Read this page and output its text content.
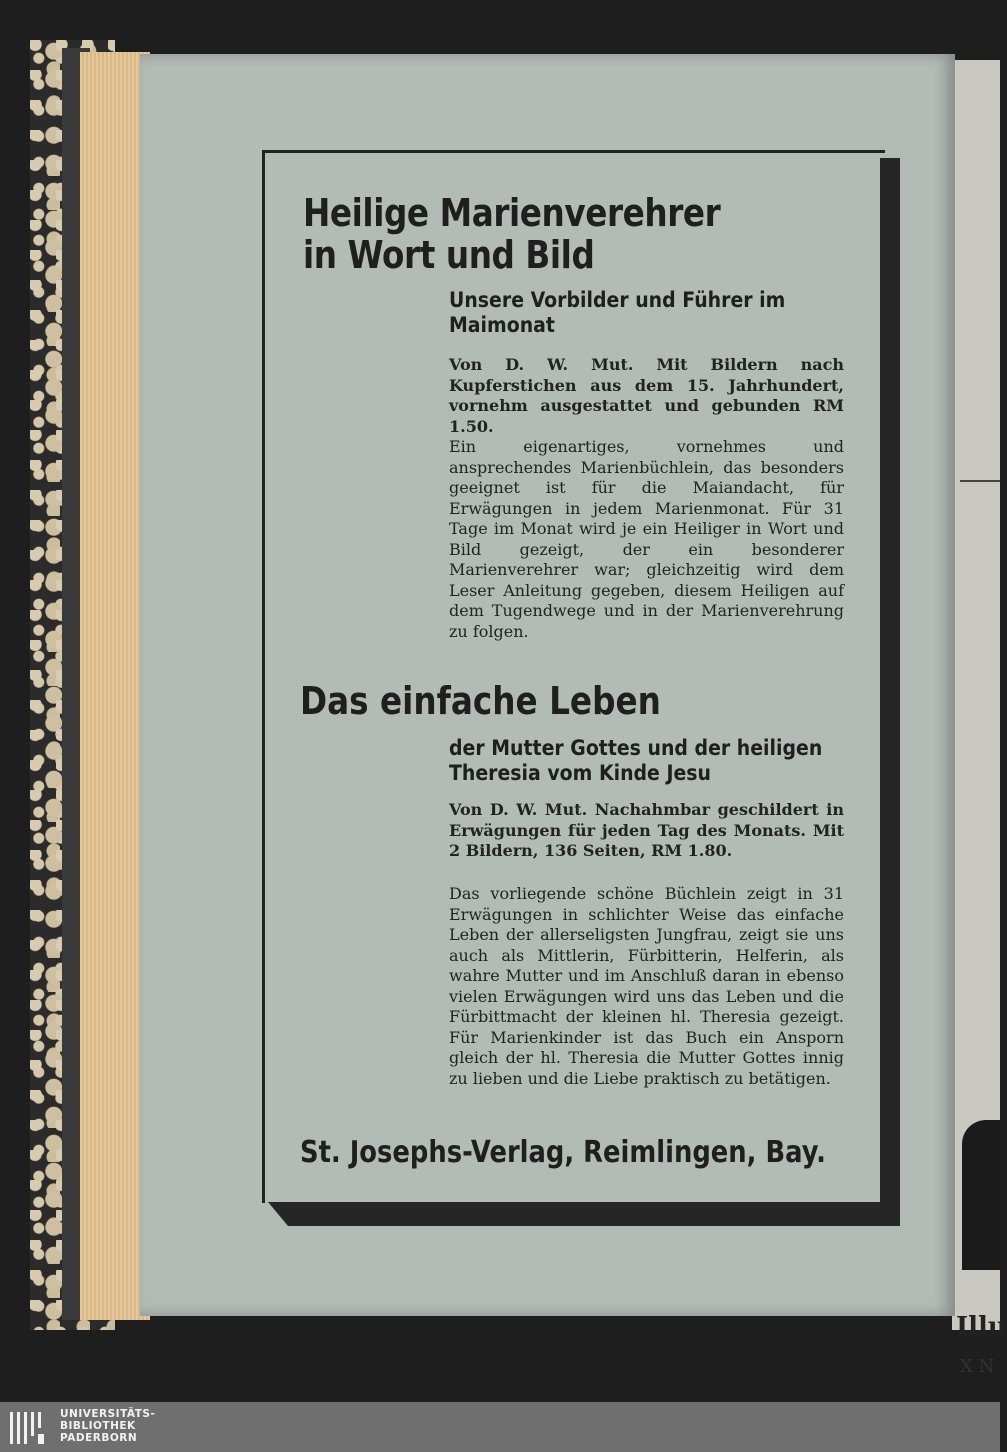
Illu
X N
Heilige Marienverehrer
in Wort und Bild
Unsere Vorbilder und Führer im Maimonat
Von D. W. Mut. Mit Bildern nach Kupferstichen aus dem 15. Jahrhundert, vornehm ausgestattet und gebunden RM 1.50.
Ein eigenartiges, vornehmes und ansprechendes Marienbüchlein, das besonders geeignet ist für die Maiandacht, für Erwägungen in jedem Marienmonat. Für 31 Tage im Monat wird je ein Heiliger in Wort und Bild gezeigt, der ein besonderer Marienverehrer war; gleichzeitig wird dem Leser Anleitung gegeben, diesem Heiligen auf dem Tugendwege und in der Marienverehrung zu folgen.
Das einfache Leben
der Mutter Gottes und der heiligen Theresia vom Kinde Jesu
Von D. W. Mut. Nachahmbar geschildert in Erwägungen für jeden Tag des Monats. Mit 2 Bildern, 136 Seiten, RM 1.80.
Das vorliegende schöne Büchlein zeigt in 31 Erwägungen in schlichter Weise das einfache Leben der allerseligsten Jungfrau, zeigt sie uns auch als Mittlerin, Fürbitterin, Helferin, als wahre Mutter und im Anschluß daran in ebenso vielen Erwägungen wird uns das Leben und die Fürbittmacht der kleinen hl. Theresia gezeigt. Für Marienkinder ist das Buch ein Ansporn gleich der hl. Theresia die Mutter Gottes innig zu lieben und die Liebe praktisch zu betätigen.
St. Josephs-Verlag, Reimlingen, Bay.
UNIVERSITÄTS-
BIBLIOTHEK
PADERBORN
